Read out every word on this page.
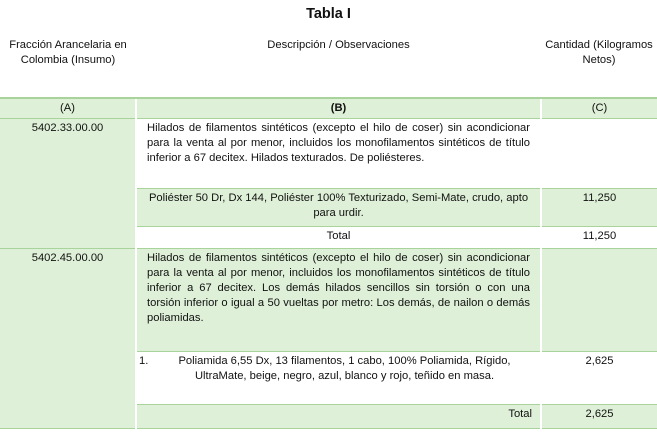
Tabla I
Fracción Arancelaria en Colombia (Insumo)	Descripción / Observaciones	Cantidad (Kilogramos Netos)
(A)	(B)	(C)
5402.33.00.00	Hilados de filamentos sintéticos (excepto el hilo de coser) sin acondicionar para la venta al por menor, incluidos los monofilamentos sintéticos de título inferior a 67 decitex. Hilados texturados. De poliésteres.	
	Poliéster 50 Dr, Dx 144, Poliéster 100% Texturizado, Semi-Mate, crudo, apto para urdir.	11,250
	Total	11,250
5402.45.00.00	Hilados de filamentos sintéticos (excepto el hilo de coser) sin acondicionar para la venta al por menor, incluidos los monofilamentos sintéticos de título inferior a 67 decitex. Los demás hilados sencillos sin torsión o con una torsión inferior o igual a 50 vueltas por metro: Los demás, de nailon o demás poliamidas.	

	1. Poliamida 6,55 Dx, 13 filamentos, 1 cabo, 100% Poliamida, Rígido, UltraMate, beige, negro, azul, blanco y rojo, teñido en masa.	2,625
	Total	2,625
